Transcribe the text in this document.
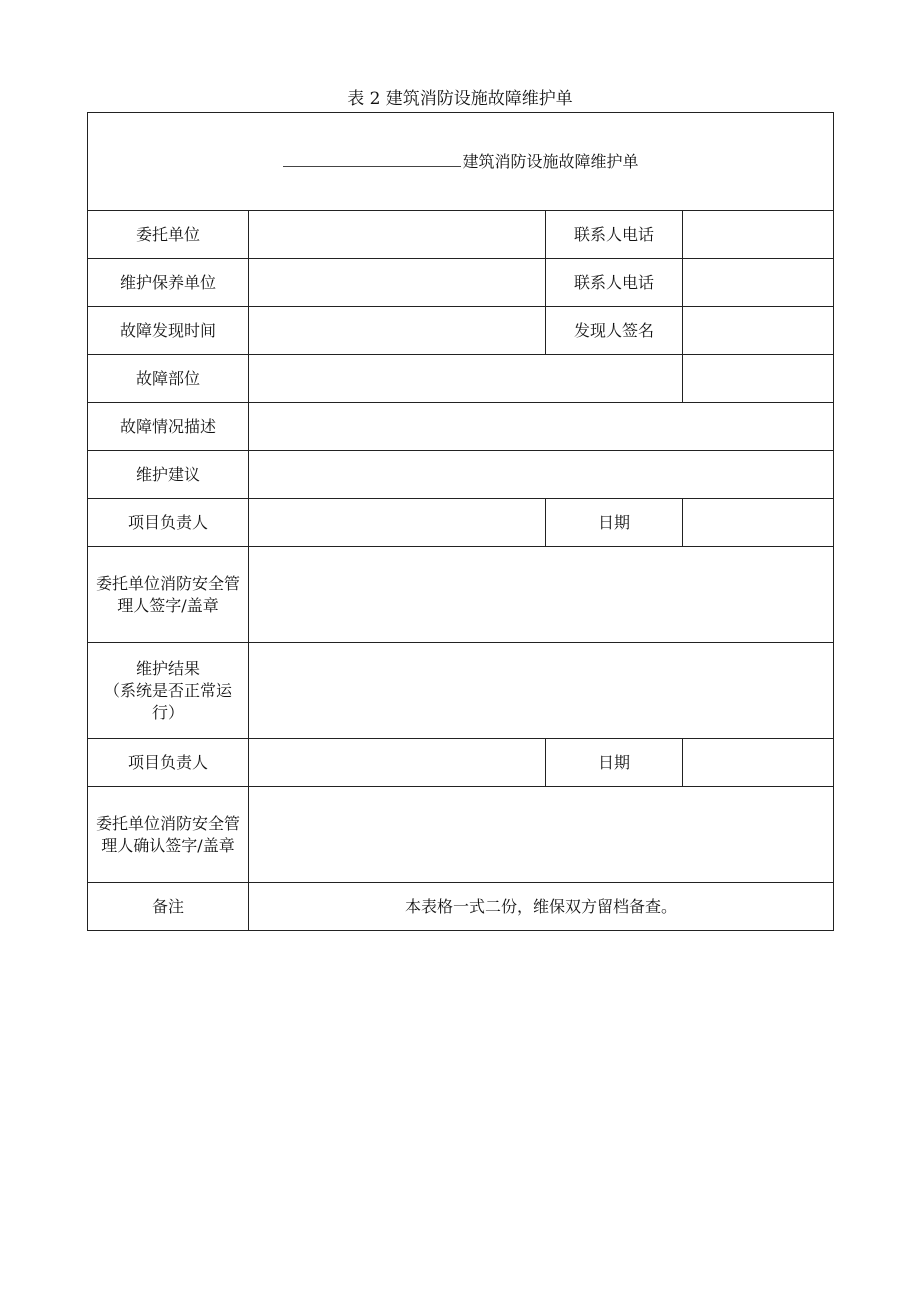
表 2 建筑消防设施故障维护单
建筑消防设施故障维护单			
委托单位		联系人电话	
维护保养单位		联系人电话	
故障发现时间		发现人签名	
故障部位			
故障情况描述			
维护建议			
项目负责人		日期	

委托单位消防安全管
理人签字/盖章			

维护结果
（系统是否正常运
行）			

项目负责人		日期	

委托单位消防安全管
理人确认签字/盖章			

备注	本表格一式二份，维保双方留档备查。		
